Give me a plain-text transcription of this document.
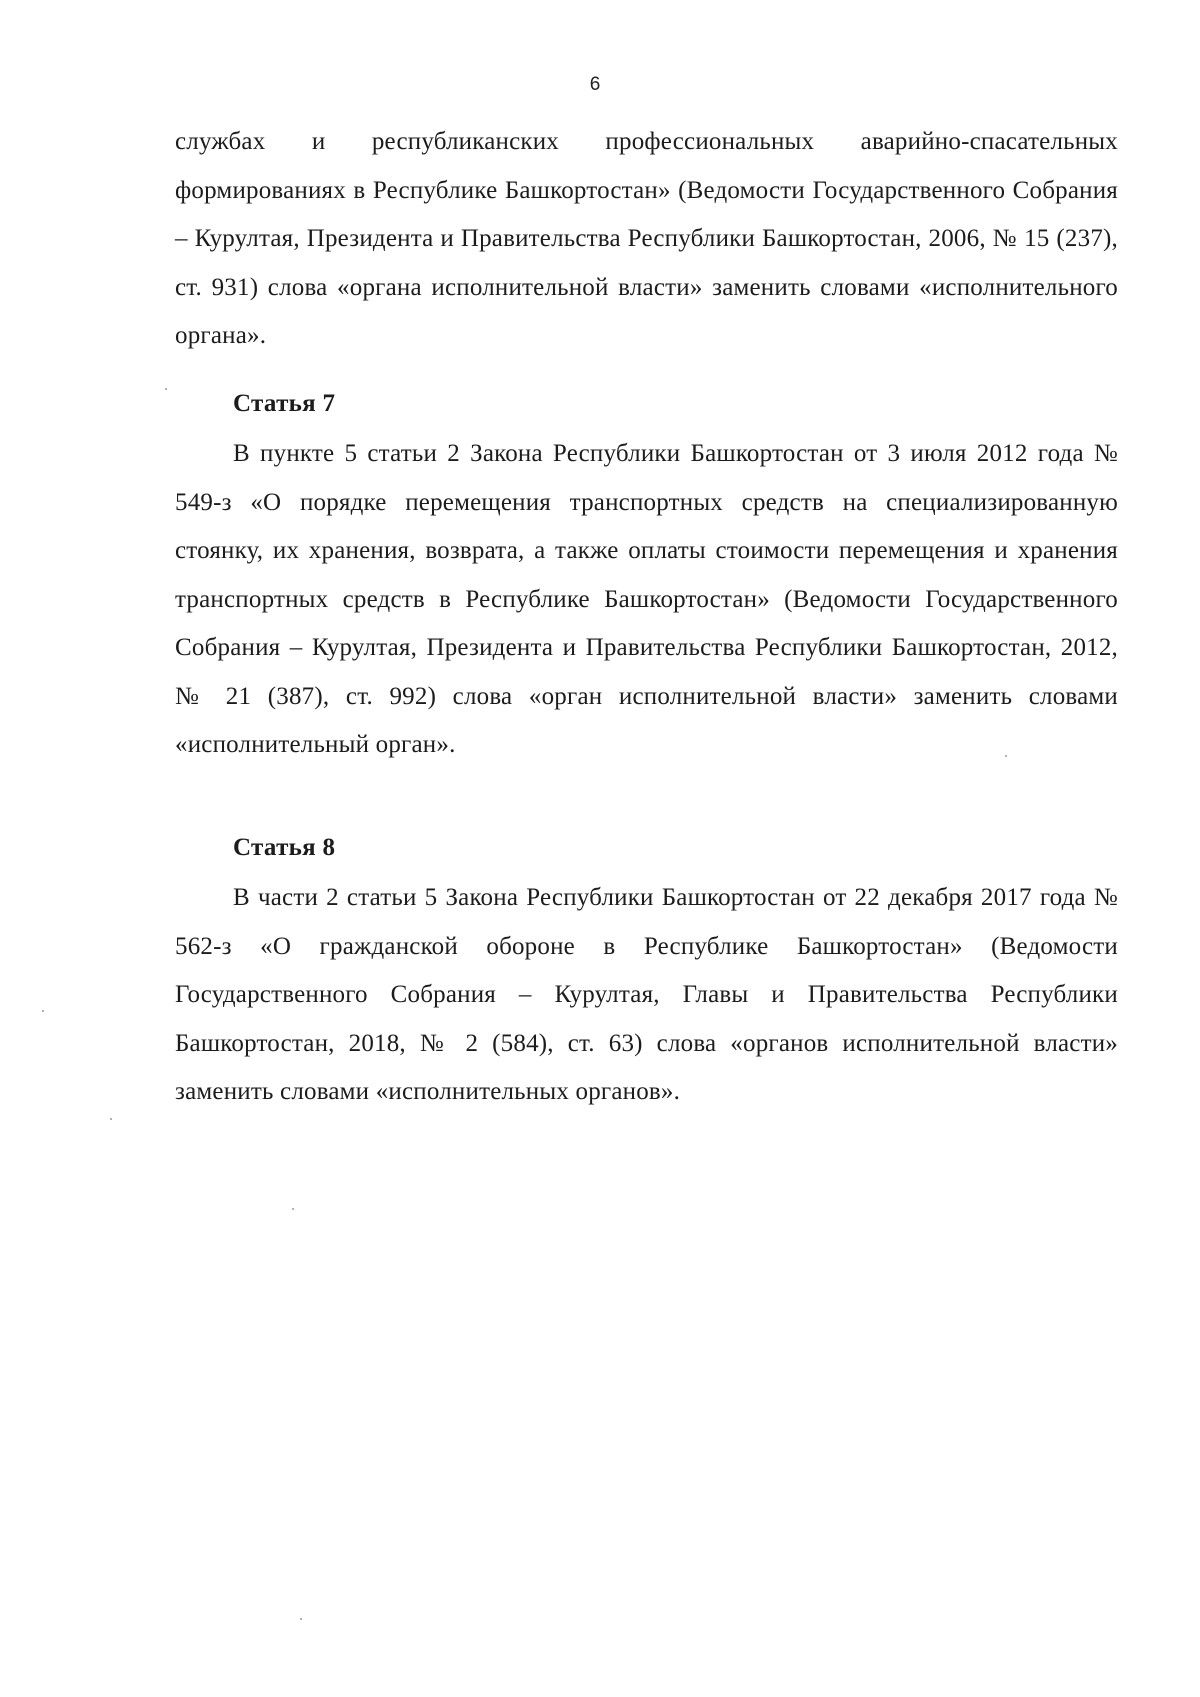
6

службах и республиканских профессиональных аварийно-спасательных формированиях в Республике Башкортостан» (Ведомости Государственного Собрания – Курултая, Президента и Правительства Республики Башкортостан, 2006, № 15 (237), ст. 931) слова «органа исполнительной власти» заменить словами «исполнительного органа».

Статья 7

В пункте 5 статьи 2 Закона Республики Башкортостан от 3 июля 2012 года № 549-з «О порядке перемещения транспортных средств на специализированную стоянку, их хранения, возврата, а также оплаты стоимости перемещения и хранения транспортных средств в Республике Башкортостан» (Ведомости Государственного Собрания – Курултая, Президента и Правительства Республики Башкортостан, 2012, № 21 (387), ст. 992) слова «орган исполнительной власти» заменить словами «исполнительный орган».

Статья 8

В части 2 статьи 5 Закона Республики Башкортостан от 22 декабря 2017 года № 562-з «О гражданской обороне в Республике Башкортостан» (Ведомости Государственного Собрания – Курултая, Главы и Правительства Республики Башкортостан, 2018, № 2 (584), ст. 63) слова «органов исполнительной власти» заменить словами «исполнительных органов».
